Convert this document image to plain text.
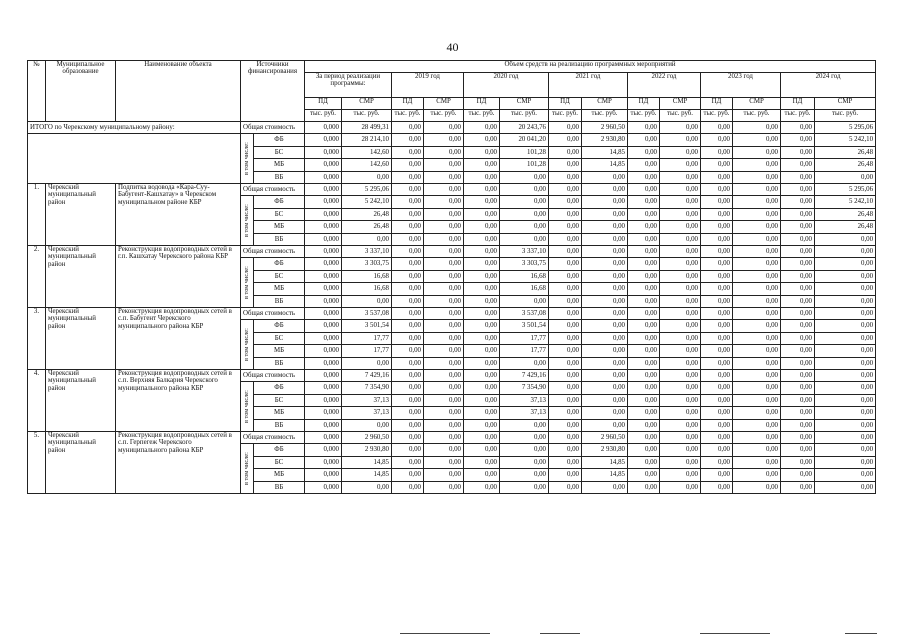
40
№	Муниципальное образование	Наименование объекта	Источники финансирования		Объем средств на реализацию программных мероприятий													
					За период реализации программы:		2019 год		2020 год		2021 год		2022 год		2023 год		2024 год	
					ПД	СМР	ПД	СМР	ПД	СМР	ПД	СМР	ПД	СМР	ПД	СМР	ПД	СМР
					тыс. руб.	тыс. руб.	тыс. руб.	тыс. руб.	тыс. руб.	тыс. руб.	тыс. руб.	тыс. руб.	тыс. руб.	тыс. руб.	тыс. руб.	тыс. руб.	тыс. руб.	тыс. руб.
ИТОГО по Черекскому муниципальному району:			Общая стоимость		0,000	28 499,31	0,00	0,00	0,00	20 243,76	0,00	2 960,50	0,00	0,00	0,00	0,00	0,00	5 295,06
			в том числе:	ФБ	0,000	28 214,10	0,00	0,00	0,00	20 041,20	0,00	2 930,80	0,00	0,00	0,00	0,00	0,00	5 242,10
				БС	0,000	142,60	0,00	0,00	0,00	101,28	0,00	14,85	0,00	0,00	0,00	0,00	0,00	26,48
				МБ	0,000	142,60	0,00	0,00	0,00	101,28	0,00	14,85	0,00	0,00	0,00	0,00	0,00	26,48
				ВБ	0,000	0,00	0,00	0,00	0,00	0,00	0,00	0,00	0,00	0,00	0,00	0,00	0,00	0,00
1.	Черекский муниципальный район	Подпитка водовода «Кара-Суу-Бабугент-Кашхатау» в Черекском муниципальном районе КБР	Общая стоимость		0,000	5 295,06	0,00	0,00	0,00	0,00	0,00	0,00	0,00	0,00	0,00	0,00	0,00	5 295,06
			в том числе:	ФБ	0,000	5 242,10	0,00	0,00	0,00	0,00	0,00	0,00	0,00	0,00	0,00	0,00	0,00	5 242,10
				БС	0,000	26,48	0,00	0,00	0,00	0,00	0,00	0,00	0,00	0,00	0,00	0,00	0,00	26,48
				МБ	0,000	26,48	0,00	0,00	0,00	0,00	0,00	0,00	0,00	0,00	0,00	0,00	0,00	26,48
				ВБ	0,000	0,00	0,00	0,00	0,00	0,00	0,00	0,00	0,00	0,00	0,00	0,00	0,00	0,00
2.	Черекский муниципальный район	Реконструкция водопроводных сетей в г.п. Кашхатау Черекского района КБР	Общая стоимость		0,000	3 337,10	0,00	0,00	0,00	3 337,10	0,00	0,00	0,00	0,00	0,00	0,00	0,00	0,00
			в том числе:	ФБ	0,000	3 303,75	0,00	0,00	0,00	3 303,75	0,00	0,00	0,00	0,00	0,00	0,00	0,00	0,00
				БС	0,000	16,68	0,00	0,00	0,00	16,68	0,00	0,00	0,00	0,00	0,00	0,00	0,00	0,00
				МБ	0,000	16,68	0,00	0,00	0,00	16,68	0,00	0,00	0,00	0,00	0,00	0,00	0,00	0,00
				ВБ	0,000	0,00	0,00	0,00	0,00	0,00	0,00	0,00	0,00	0,00	0,00	0,00	0,00	0,00
3.	Черекский муниципальный район	Реконструкция водопроводных сетей в с.п. Бабугент Черекского муниципального района КБР	Общая стоимость		0,000	3 537,08	0,00	0,00	0,00	3 537,08	0,00	0,00	0,00	0,00	0,00	0,00	0,00	0,00
			в том числе:	ФБ	0,000	3 501,54	0,00	0,00	0,00	3 501,54	0,00	0,00	0,00	0,00	0,00	0,00	0,00	0,00
				БС	0,000	17,77	0,00	0,00	0,00	17,77	0,00	0,00	0,00	0,00	0,00	0,00	0,00	0,00
				МБ	0,000	17,77	0,00	0,00	0,00	17,77	0,00	0,00	0,00	0,00	0,00	0,00	0,00	0,00
				ВБ	0,000	0,00	0,00	0,00	0,00	0,00	0,00	0,00	0,00	0,00	0,00	0,00	0,00	0,00
4.	Черекский муниципальный район	Реконструкция водопроводных сетей в с.п. Верхняя Балкария Черекского муниципального района КБР	Общая стоимость		0,000	7 429,16	0,00	0,00	0,00	7 429,16	0,00	0,00	0,00	0,00	0,00	0,00	0,00	0,00
			в том числе:	ФБ	0,000	7 354,90	0,00	0,00	0,00	7 354,90	0,00	0,00	0,00	0,00	0,00	0,00	0,00	0,00
				БС	0,000	37,13	0,00	0,00	0,00	37,13	0,00	0,00	0,00	0,00	0,00	0,00	0,00	0,00
				МБ	0,000	37,13	0,00	0,00	0,00	37,13	0,00	0,00	0,00	0,00	0,00	0,00	0,00	0,00
				ВБ	0,000	0,00	0,00	0,00	0,00	0,00	0,00	0,00	0,00	0,00	0,00	0,00	0,00	0,00
5.	Черекский муниципальный район	Реконструкция водопроводных сетей в с.п. Герпегеж Черекского муниципального района КБР	Общая стоимость		0,000	2 960,50	0,00	0,00	0,00	0,00	0,00	2 960,50	0,00	0,00	0,00	0,00	0,00	0,00
			в том числе:	ФБ	0,000	2 930,80	0,00	0,00	0,00	0,00	0,00	2 930,80	0,00	0,00	0,00	0,00	0,00	0,00
				БС	0,000	14,85	0,00	0,00	0,00	0,00	0,00	14,85	0,00	0,00	0,00	0,00	0,00	0,00
				МБ	0,000	14,85	0,00	0,00	0,00	0,00	0,00	14,85	0,00	0,00	0,00	0,00	0,00	0,00
				ВБ	0,000	0,00	0,00	0,00	0,00	0,00	0,00	0,00	0,00	0,00	0,00	0,00	0,00	0,00
